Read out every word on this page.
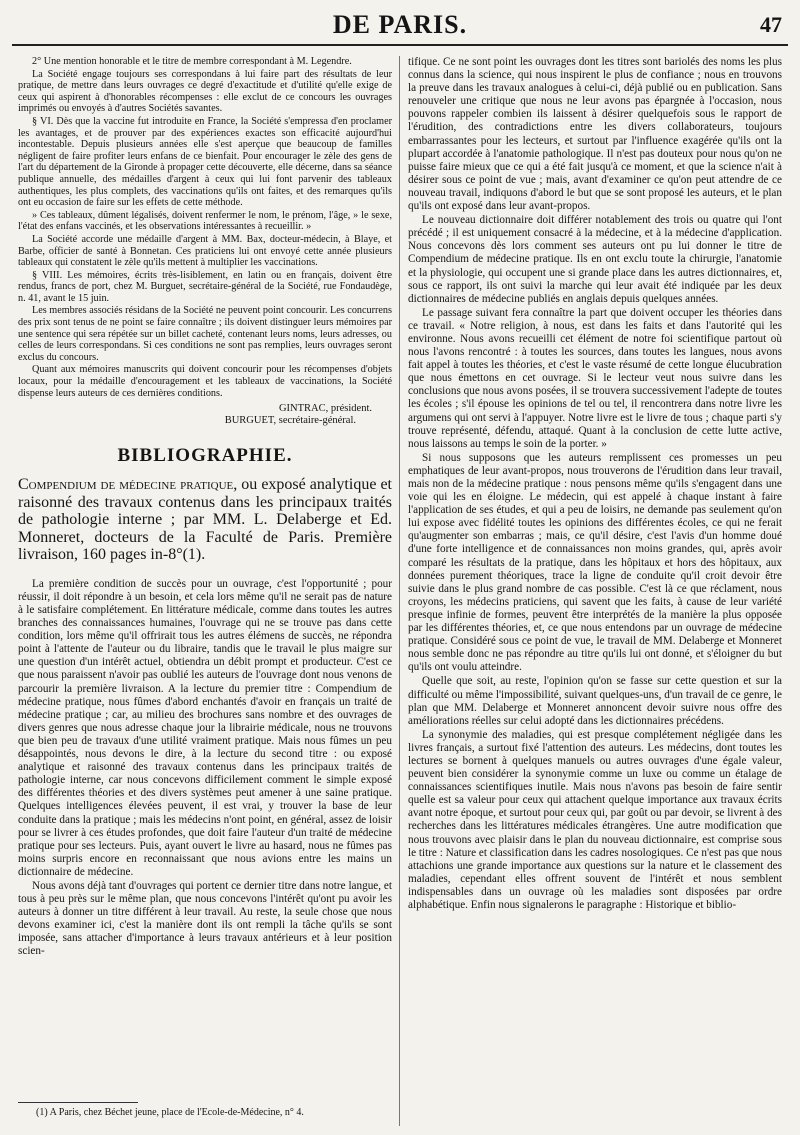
DE PARIS.	47

2° Une mention honorable et le titre de membre correspondant à M. Legendre.

La Société engage toujours ses correspondans à lui faire part des résultats de leur pratique, de mettre dans leurs ouvrages ce degré d'exactitude et d'utilité qu'elle exige de ceux qui aspirent à d'honorables récompenses : elle exclut de ce concours les ouvrages imprimés ou envoyés à d'autres Sociétés savantes.

§ VI. Dès que la vaccine fut introduite en France, la Société s'empressa d'en proclamer les avantages, et de prouver par des expériences exactes son efficacité aujourd'hui incontestable. Depuis plusieurs années elle s'est aperçue que beaucoup de familles négligent de faire profiter leurs enfans de ce bienfait. Pour encourager le zèle des gens de l'art du département de la Gironde à propager cette découverte, elle décerne, dans sa séance publique annuelle, des médailles d'argent à ceux qui lui font parvenir des tableaux authentiques, les plus complets, des vaccinations qu'ils ont faites, et des remarques qu'ils ont eu occasion de faire sur les effets de cette méthode.

» Ces tableaux, dûment légalisés, doivent renfermer le nom, le prénom, l'âge, » le sexe, l'état des enfans vaccinés, et les observations intéressantes à recueillir. »

La Société accorde une médaille d'argent à MM. Bax, docteur-médecin, à Blaye, et Barbe, officier de santé à Bonnetan. Ces praticiens lui ont envoyé cette année plusieurs tableaux qui constatent le zèle qu'ils mettent à multiplier les vaccinations.

§ VIII. Les mémoires, écrits très-lisiblement, en latin ou en français, doivent être rendus, francs de port, chez M. Burguet, secrétaire-général de la Société, rue Fondaudège, n. 41, avant le 15 juin.

Les membres associés résidans de la Société ne peuvent point concourir. Les concurrens des prix sont tenus de ne point se faire connaître ; ils doivent distinguer leurs mémoires par une sentence qui sera répétée sur un billet cacheté, contenant leurs noms, leurs adresses, ou celles de leurs correspondans. Si ces conditions ne sont pas remplies, leurs ouvrages seront exclus du concours.

Quant aux mémoires manuscrits qui doivent concourir pour les récompenses d'objets locaux, pour la médaille d'encouragement et les tableaux de vaccinations, la Société dispense leurs auteurs de ces dernières conditions.

GINTRAC, président.
BURGUET, secrétaire-général.
BIBLIOGRAPHIE.

Compendium de médecine pratique, ou exposé analytique et raisonné des travaux contenus dans les principaux traités de pathologie interne ; par MM. L. Delaberge et Ed. Monneret, docteurs de la Faculté de Paris. Première livraison, 160 pages in-8°(1).

La première condition de succès pour un ouvrage, c'est l'opportunité ; pour réussir, il doit répondre à un besoin, et cela lors même qu'il ne serait pas de nature à le satisfaire complétement. En littérature médicale, comme dans toutes les autres branches des connaissances humaines, l'ouvrage qui ne se trouve pas dans cette condition, lors même qu'il offrirait tous les autres élémens de succès, ne répondra point à l'attente de l'auteur ou du libraire, tandis que le travail le plus maigre sur une question d'un intérêt actuel, obtiendra un débit prompt et producteur. C'est ce que nous paraissent n'avoir pas oublié les auteurs de l'ouvrage dont nous venons de parcourir la première livraison. A la lecture du premier titre : Compendium de médecine pratique, nous fûmes d'abord enchantés d'avoir en français un traité de médecine pratique ; car, au milieu des brochures sans nombre et des ouvrages de divers genres que nous adresse chaque jour la librairie médicale, nous ne trouvons que bien peu de travaux d'une utilité vraiment pratique. Mais nous fûmes un peu désappointés, nous devons le dire, à la lecture du second titre : ou exposé analytique et raisonné des travaux contenus dans les principaux traités de pathologie interne, car nous concevons difficilement comment le simple exposé des différentes théories et des divers systèmes peut amener à une saine pratique. Quelques intelligences élevées peuvent, il est vrai, y trouver la base de leur conduite dans la pratique ; mais les médecins n'ont point, en général, assez de loisir pour se livrer à ces études profondes, que doit faire l'auteur d'un traité de médecine pratique pour ses lecteurs. Puis, ayant ouvert le livre au hasard, nous ne fûmes pas moins surpris encore en reconnaissant que nous avions entre les mains un dictionnaire de médecine.

Nous avons déjà tant d'ouvrages qui portent ce dernier titre dans notre langue, et tous à peu près sur le même plan, que nous concevons l'intérêt qu'ont pu avoir les auteurs à donner un titre différent à leur travail. Au reste, la seule chose que nous devons examiner ici, c'est la manière dont ils ont rempli la tâche qu'ils se sont imposée, sans attacher d'importance à leurs travaux antérieurs et à leur position scien-

tifique. Ce ne sont point les ouvrages dont les titres sont bariolés des noms les plus connus dans la science, qui nous inspirent le plus de confiance ; nous en trouvons la preuve dans les travaux analogues à celui-ci, déjà publié ou en publication. Sans renouveler une critique que nous ne leur avons pas épargnée à l'occasion, nous pouvons rappeler combien ils laissent à désirer quelquefois sous le rapport de l'érudition, des contradictions entre les divers collaborateurs, toujours embarrassantes pour les lecteurs, et surtout par l'influence exagérée qu'ils ont la plupart accordée à l'anatomie pathologique. Il n'est pas douteux pour nous qu'on ne puisse faire mieux que ce qui a été fait jusqu'à ce moment, et que la science n'ait à désirer sous ce point de vue ; mais, avant d'examiner ce qu'on peut attendre de ce nouveau travail, indiquons d'abord le but que se sont proposé les auteurs, et le plan qu'ils ont exposé dans leur avant-propos.

Le nouveau dictionnaire doit différer notablement des trois ou quatre qui l'ont précédé ; il est uniquement consacré à la médecine, et à la médecine d'application. Nous concevons dès lors comment ses auteurs ont pu lui donner le titre de Compendium de médecine pratique. Ils en ont exclu toute la chirurgie, l'anatomie et la physiologie, qui occupent une si grande place dans les autres dictionnaires, et, sous ce rapport, ils ont suivi la marche qui leur avait été indiquée par les deux dictionnaires de médecine publiés en anglais depuis quelques années.

Le passage suivant fera connaître la part que doivent occuper les théories dans ce travail. « Notre religion, à nous, est dans les faits et dans l'autorité qui les environne. Nous avons recueilli cet élément de notre foi scientifique partout où nous l'avons rencontré : à toutes les sources, dans toutes les langues, nous avons fait appel à toutes les théories, et c'est le vaste résumé de cette longue élucubration que nous émettons en cet ouvrage. Si le lecteur veut nous suivre dans les conclusions que nous avons posées, il se trouvera successivement l'adepte de toutes les écoles ; s'il épouse les opinions de tel ou tel, il rencontrera dans notre livre les argumens qui ont servi à l'appuyer. Notre livre est le livre de tous ; chaque parti s'y trouve représenté, défendu, attaqué. Quant à la conclusion de cette lutte active, nous laissons au temps le soin de la porter. »

Si nous supposons que les auteurs remplissent ces promesses un peu emphatiques de leur avant-propos, nous trouverons de l'érudition dans leur travail, mais non de la médecine pratique : nous pensons même qu'ils s'engagent dans une voie qui les en éloigne. Le médecin, qui est appelé à chaque instant à faire l'application de ses études, et qui a peu de loisirs, ne demande pas seulement qu'on lui expose avec fidélité toutes les opinions des différentes écoles, ce qui ne ferait qu'augmenter son embarras ; mais, ce qu'il désire, c'est l'avis d'un homme doué d'une forte intelligence et de connaissances non moins grandes, qui, après avoir comparé les résultats de la pratique, dans les hôpitaux et hors des hôpitaux, aux données purement théoriques, trace la ligne de conduite qu'il croit devoir être suivie dans le plus grand nombre de cas possible. C'est là ce que réclament, nous croyons, les médecins praticiens, qui savent que les faits, à cause de leur variété presque infinie de formes, peuvent être interprétés de la manière la plus opposée par les différentes théories, et, ce que nous entendons par un ouvrage de médecine pratique. Considéré sous ce point de vue, le travail de MM. Delaberge et Monneret nous semble donc ne pas répondre au titre qu'ils lui ont donné, et s'éloigner du but qu'ils ont voulu atteindre.

Quelle que soit, au reste, l'opinion qu'on se fasse sur cette question et sur la difficulté ou même l'impossibilité, suivant quelques-uns, d'un travail de ce genre, le plan que MM. Delaberge et Monneret annoncent devoir suivre nous offre des améliorations réelles sur celui adopté dans les dictionnaires précédens.

La synonymie des maladies, qui est presque complétement négligée dans les livres français, a surtout fixé l'attention des auteurs. Les médecins, dont toutes les lectures se bornent à quelques manuels ou autres ouvrages d'une égale valeur, peuvent bien considérer la synonymie comme un luxe ou comme un étalage de connaissances scientifiques inutile. Mais nous n'avons pas besoin de faire sentir quelle est sa valeur pour ceux qui attachent quelque importance aux travaux écrits avant notre époque, et surtout pour ceux qui, par goût ou par devoir, se livrent à des recherches dans les littératures médicales étrangères. Une autre modification que nous trouvons avec plaisir dans le plan du nouveau dictionnaire, est comprise sous le titre : Nature et classification dans les cadres nosologiques. Ce n'est pas que nous attachions une grande importance aux questions sur la nature et le classement des maladies, cependant elles offrent souvent de l'intérêt et nous semblent indispensables dans un ouvrage où les maladies sont disposées par ordre alphabétique. Enfin nous signalerons le paragraphe : Historique et biblio-

(1) A Paris, chez Béchet jeune, place de l'Ecole-de-Médecine, n° 4.
